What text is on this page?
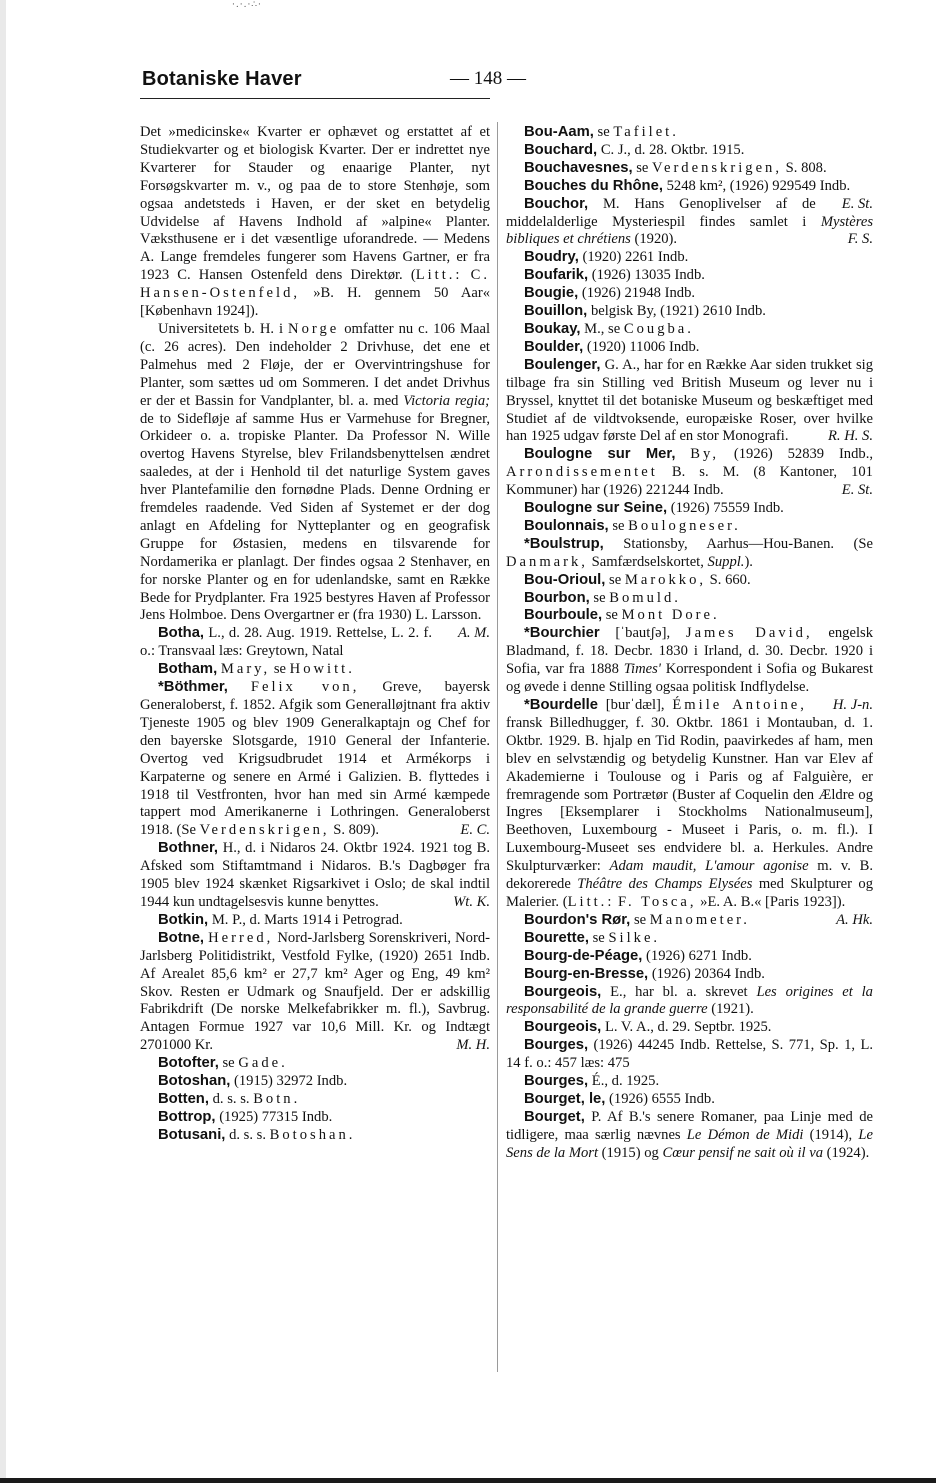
·.·.·∴·
Botaniske Haver	— 148 —

Det »medicinske« Kvarter er ophævet og erstattet af et Studiekvarter og et biologisk Kvarter. Der er indrettet nye Kvarterer for Stauder og enaarige Planter, nyt Forsøgskvarter m. v., og paa de to store Stenhøje, som ogsaa andetsteds i Haven, er der sket en betydelig Udvidelse af Havens Indhold af »alpine« Planter. Væksthusene er i det væsentlige uforandrede. — Medens A. Lange fremdeles fungerer som Havens Gartner, er fra 1923 C. Hansen Ostenfeld dens Direktør. (Litt.: C. Hansen-Ostenfeld, »B. H. gennem 50 Aar« [København 1924]).

Universitetets b. H. i Norge omfatter nu c. 106 Maal (c. 26 acres). Den indeholder 2 Drivhuse, det ene et Palmehus med 2 Fløje, der er Overvintringshuse for Planter, som sættes ud om Sommeren. I det andet Drivhus er der et Bassin for Vandplanter, bl. a. med Victoria regia; de to Sidefløje af samme Hus er Varmehuse for Bregner, Orkideer o. a. tropiske Planter. Da Professor N. Wille overtog Havens Styrelse, blev Frilandsbenyttelsen ændret saaledes, at der i Henhold til det naturlige System gaves hver Plantefamilie den fornødne Plads. Denne Ordning er fremdeles raadende. Ved Siden af Systemet er der dog anlagt en Afdeling for Nytteplanter og en geografisk Gruppe for Østasien, medens en tilsvarende for Nordamerika er planlagt. Der findes ogsaa 2 Stenhaver, en for norske Planter og en for udenlandske, samt en Række Bede for Prydplanter. Fra 1925 bestyres Haven af Professor Jens Holmboe. Dens Overgartner er (fra 1930) L. Larsson.
A. M.

Botha, L., d. 28. Aug. 1919. Rettelse, L. 2. f. o.: Transvaal læs: Greytown, Natal

Botham, Mary, se Howitt.

*Böthmer, Felix von, Greve, bayersk Generaloberst, f. 1852. Afgik som Generalløjtnant fra aktiv Tjeneste 1905 og blev 1909 Generalkaptajn og Chef for den bayerske Slotsgarde, 1910 General der Infanterie. Overtog ved Krigsudbrudet 1914 et Armékorps i Karpaterne og senere en Armé i Galizien. B. flyttedes i 1918 til Vestfronten, hvor han med sin Armé kæmpede tappert mod Amerikanerne i Lothringen. Generaloberst 1918. (Se Verdenskrigen, S. 809).	E. C.

Bothner, H., d. i Nidaros 24. Oktbr 1924. 1921 tog B. Afsked som Stiftamtmand i Nidaros. B.'s Dagbøger fra 1905 blev 1924 skænket Rigsarkivet i Oslo; de skal indtil 1944 kun undtagelsesvis kunne benyttes.	Wt. K.

Botkin, M. P., d. Marts 1914 i Petrograd.

Botne, Herred, Nord-Jarlsberg Sorenskriveri, Nord-Jarlsberg Politidistrikt, Vestfold Fylke, (1920) 2651 Indb. Af Arealet 85,6 km² er 27,7 km² Ager og Eng, 49 km² Skov. Resten er Udmark og Snaufjeld. Der er adskillig Fabrikdrift (De norske Melkefabrikker m. fl.), Savbrug. Antagen Formue 1927 var 10,6 Mill. Kr. og Indtægt 2701000 Kr.	M. H.

Botofter, se Gade.

Botoshan, (1915) 32972 Indb.

Botten, d. s. s. Botn.

Bottrop, (1925) 77315 Indb.

Botusani, d. s. s. Botoshan.

Bou-Aam, se Tafilet.

Bouchard, C. J., d. 28. Oktbr. 1915.

Bouchavesnes, se Verdenskrigen, S. 808.

Bouches du Rhône, 5248 km², (1926) 929549 Indb.
E. St.

Bouchor, M. Hans Genoplivelser af de middelalderlige Mysteriespil findes samlet i Mystères bibliques et chrétiens (1920).	F. S.

Boudry, (1920) 2261 Indb.

Boufarik, (1926) 13035 Indb.

Bougie, (1926) 21948 Indb.

Bouillon, belgisk By, (1921) 2610 Indb.

Boukay, M., se Cougba.

Boulder, (1920) 11006 Indb.

Boulenger, G. A., har for en Række Aar siden trukket sig tilbage fra sin Stilling ved British Museum og lever nu i Bryssel, knyttet til det botaniske Museum og beskæftiget med Studiet af de vildtvoksende, europæiske Roser, over hvilke han 1925 udgav første Del af en stor Monografi.	R. H. S.

Boulogne sur Mer, By, (1926) 52839 Indb., Arrondissementet B. s. M. (8 Kantoner, 101 Kommuner) har (1926) 221244 Indb.	E. St.

Boulogne sur Seine, (1926) 75559 Indb.

Boulonnais, se Boulogneser.

*Boulstrup, Stationsby, Aarhus—Hou-Banen. (Se Danmark, Samfærdselskortet, Suppl.).

Bou-Orioul, se Marokko, S. 660.

Bourbon, se Bomuld.

Bourboule, se Mont Dore.

*Bourchier [ˈbautʃə], James David, engelsk Bladmand, f. 18. Decbr. 1830 i Irland, d. 30. Decbr. 1920 i Sofia, var fra 1888 Times' Korrespondent i Sofia og Bukarest og øvede i denne Stilling ogsaa politisk Indflydelse.
H. J-n.

*Bourdelle [burˈdæl], Émile Antoine, fransk Billedhugger, f. 30. Oktbr. 1861 i Montauban, d. 1. Oktbr. 1929. B. hjalp en Tid Rodin, paavirkedes af ham, men blev en selvstændig og betydelig Kunstner. Han var Elev af Akademierne i Toulouse og i Paris og af Falguière, er fremragende som Portrætør (Buster af Coquelin den Ældre og Ingres [Eksemplarer i Stockholms Nationalmuseum], Beethoven, Luxembourg - Museet i Paris, o. m. fl.). I Luxembourg-Museet ses endvidere bl. a. Herkules. Andre Skulpturværker: Adam maudit, L'amour agonise m. v. B. dekorerede Théâtre des Champs Elysées med Skulpturer og Malerier. (Litt.: F. Tosca, »E. A. B.« [Paris 1923]).
A. Hk.

Bourdon's Rør, se Manometer.

Bourette, se Silke.

Bourg-de-Péage, (1926) 6271 Indb.

Bourg-en-Bresse, (1926) 20364 Indb.

Bourgeois, E., har bl. a. skrevet Les origines et la responsabilité de la grande guerre (1921).

Bourgeois, L. V. A., d. 29. Septbr. 1925.

Bourges, (1926) 44245 Indb. Rettelse, S. 771, Sp. 1, L. 14 f. o.: 457 læs: 475

Bourges, É., d. 1925.

Bourget, le, (1926) 6555 Indb.

Bourget, P. Af B.'s senere Romaner, paa Linje med de tidligere, maa særlig nævnes Le Démon de Midi (1914), Le Sens de la Mort (1915) og Cœur pensif ne sait où il va (1924).
